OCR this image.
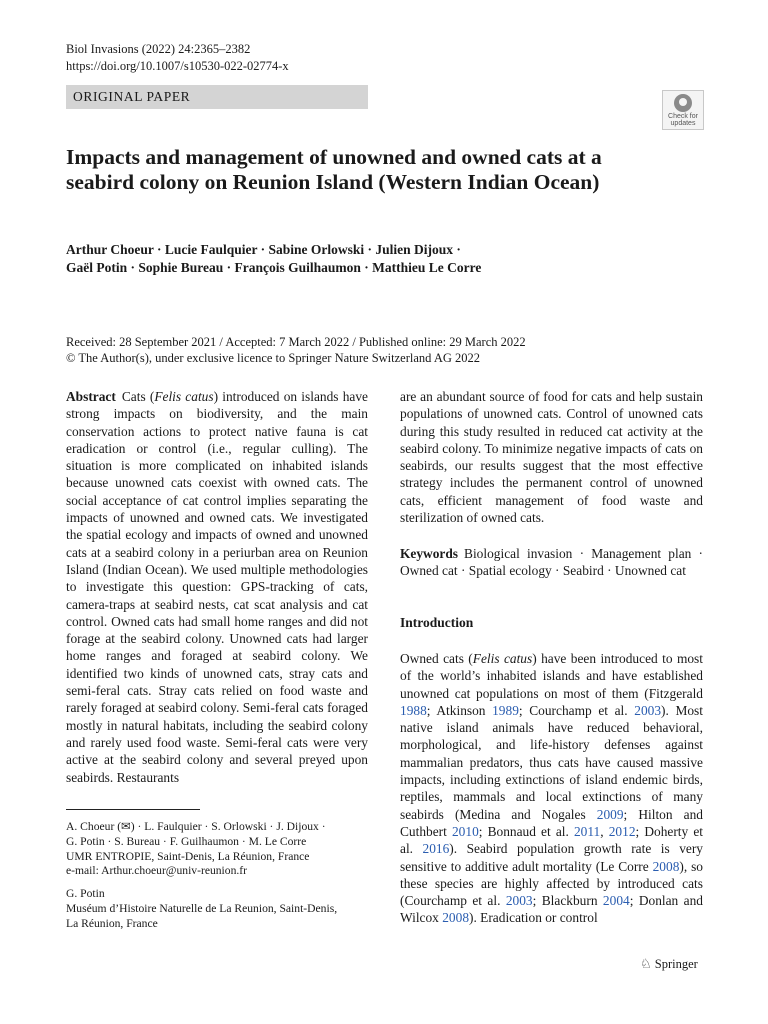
Biol Invasions (2022) 24:2365–2382
https://doi.org/10.1007/s10530-022-02774-x
ORIGINAL PAPER
Check for
updates
Impacts and management of unowned and owned cats at a seabird colony on Reunion Island (Western Indian Ocean)
Arthur Choeur · Lucie Faulquier · Sabine Orlowski · Julien Dijoux ·
Gaël Potin · Sophie Bureau · François Guilhaumon · Matthieu Le Corre
Received: 28 September 2021 / Accepted: 7 March 2022 / Published online: 29 March 2022
© The Author(s), under exclusive licence to Springer Nature Switzerland AG 2022

Abstract Cats (Felis catus) introduced on islands have strong impacts on biodiversity, and the main conservation actions to protect native fauna is cat eradication or control (i.e., regular culling). The situation is more complicated on inhabited islands because unowned cats coexist with owned cats. The social acceptance of cat control implies separating the impacts of unowned and owned cats. We investigated the spatial ecology and impacts of owned and unowned cats at a seabird colony in a periurban area on Reunion Island (Indian Ocean). We used multiple methodologies to investigate this question: GPS-tracking of cats, camera-traps at seabird nests, cat scat analysis and cat control. Owned cats had small home ranges and did not forage at the seabird colony. Unowned cats had larger home ranges and foraged at seabird colony. We identified two kinds of unowned cats, stray cats and semi-feral cats. Stray cats relied on food waste and rarely foraged at seabird colony. Semi-feral cats foraged mostly in natural habitats, including the seabird colony and rarely used food waste. Semi-feral cats were very active at the seabird colony and several preyed upon seabirds. Restaurants

are an abundant source of food for cats and help sustain populations of unowned cats. Control of unowned cats during this study resulted in reduced cat activity at the seabird colony. To minimize negative impacts of cats on seabirds, our results suggest that the most effective strategy includes the permanent control of unowned cats, efficient management of food waste and sterilization of owned cats.

Keywords Biological invasion · Management plan · Owned cat · Spatial ecology · Seabird · Unowned cat

Introduction

Owned cats (Felis catus) have been introduced to most of the world’s inhabited islands and have established unowned cat populations on most of them (Fitzgerald 1988; Atkinson 1989; Courchamp et al. 2003). Most native island animals have reduced behavioral, morphological, and life-history defenses against mammalian predators, thus cats have caused massive impacts, including extinctions of island endemic birds, reptiles, mammals and local extinctions of many seabirds (Medina and Nogales 2009; Hilton and Cuthbert 2010; Bonnaud et al. 2011, 2012; Doherty et al. 2016). Seabird population growth rate is very sensitive to additive adult mortality (Le Corre 2008), so these species are highly affected by introduced cats (Courchamp et al. 2003; Blackburn 2004; Donlan and Wilcox 2008). Eradication or control

A. Choeur (✉) · L. Faulquier · S. Orlowski · J. Dijoux ·
G. Potin · S. Bureau · F. Guilhaumon · M. Le Corre
UMR ENTROPIE, Saint-Denis, La Réunion, France
e-mail: Arthur.choeur@univ-reunion.fr
G. Potin
Muséum d’Histoire Naturelle de La Reunion, Saint-Denis,
La Réunion, France
♘ Springer
